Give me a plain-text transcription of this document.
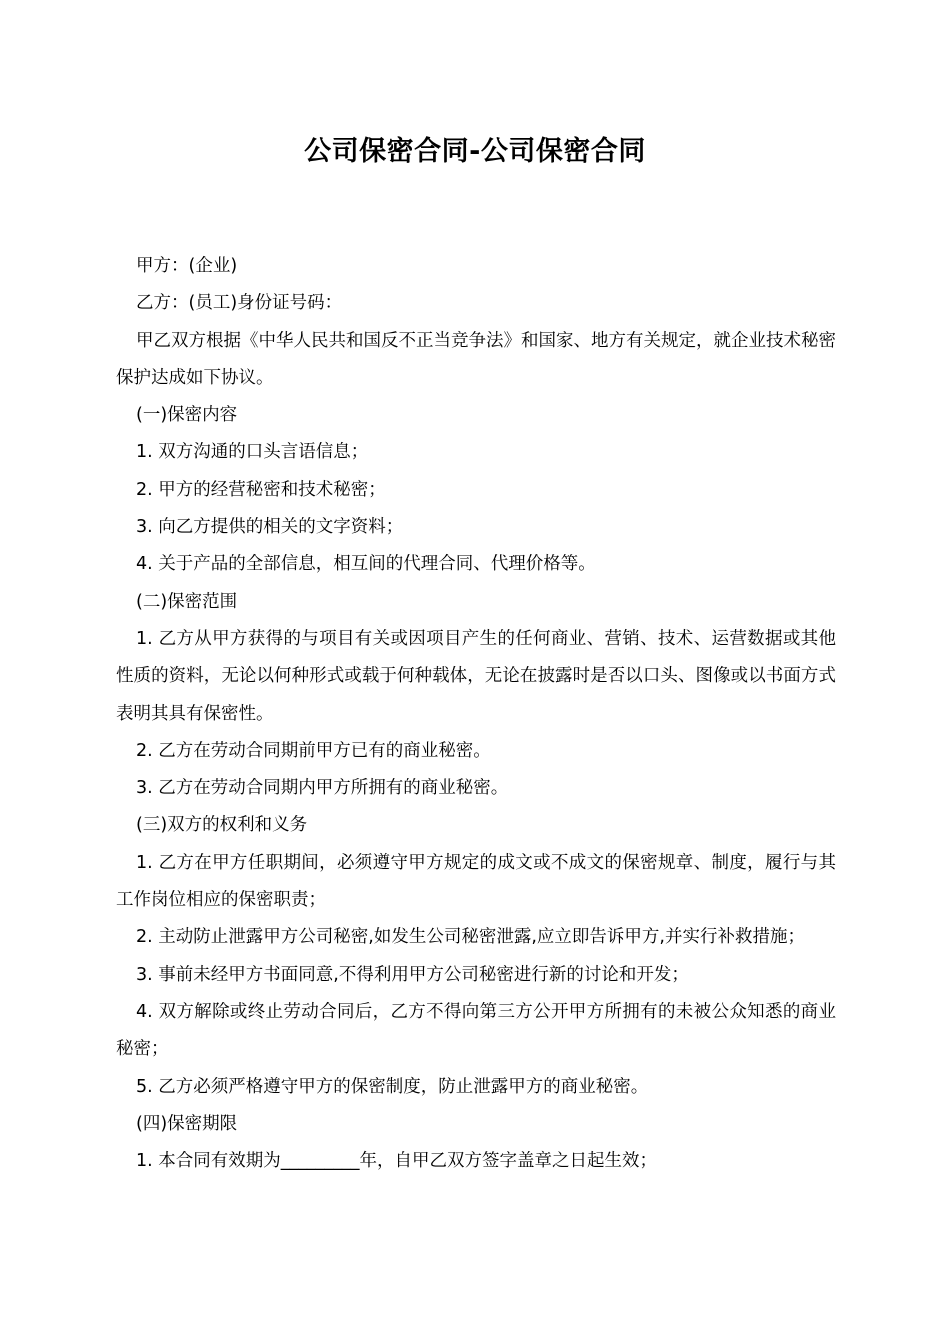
公司保密合同-公司保密合同

甲方：(企业)

乙方：(员工)身份证号码：

甲乙双方根据《中华人民共和国反不正当竞争法》和国家、地方有关规定，就企业技术秘密保护达成如下协议。

(一)保密内容

1. 双方沟通的口头言语信息；

2. 甲方的经营秘密和技术秘密；

3. 向乙方提供的相关的文字资料；

4. 关于产品的全部信息，相互间的代理合同、代理价格等。

(二)保密范围

1. 乙方从甲方获得的与项目有关或因项目产生的任何商业、营销、技术、运营数据或其他性质的资料，无论以何种形式或载于何种载体，无论在披露时是否以口头、图像或以书面方式表明其具有保密性。

2. 乙方在劳动合同期前甲方已有的商业秘密。

3. 乙方在劳动合同期内甲方所拥有的商业秘密。

(三)双方的权利和义务

1. 乙方在甲方任职期间，必须遵守甲方规定的成文或不成文的保密规章、制度，履行与其工作岗位相应的保密职责；

2. 主动防止泄露甲方公司秘密,如发生公司秘密泄露,应立即告诉甲方,并实行补救措施；

3. 事前未经甲方书面同意,不得利用甲方公司秘密进行新的讨论和开发；

4. 双方解除或终止劳动合同后，乙方不得向第三方公开甲方所拥有的未被公众知悉的商业秘密；

5. 乙方必须严格遵守甲方的保密制度，防止泄露甲方的商业秘密。

(四)保密期限

1. 本合同有效期为_________年，自甲乙双方签字盖章之日起生效；
